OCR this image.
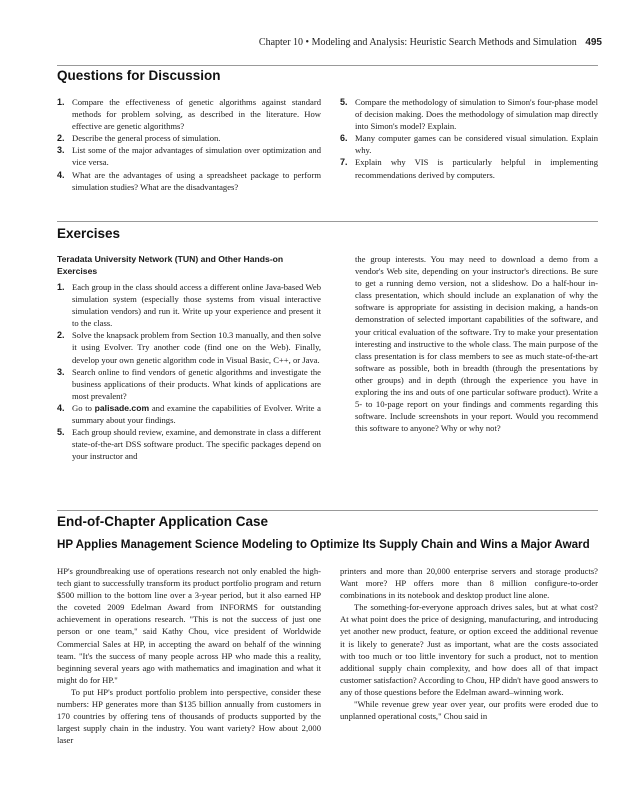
Chapter 10 • Modeling and Analysis: Heuristic Search Methods and Simulation 495
Questions for Discussion
1. Compare the effectiveness of genetic algorithms against standard methods for problem solving, as described in the literature. How effective are genetic algorithms?
2. Describe the general process of simulation.
3. List some of the major advantages of simulation over optimization and vice versa.
4. What are the advantages of using a spreadsheet package to perform simulation studies? What are the disadvantages?
5. Compare the methodology of simulation to Simon's four-phase model of decision making. Does the methodology of simulation map directly into Simon's model? Explain.
6. Many computer games can be considered visual simulation. Explain why.
7. Explain why VIS is particularly helpful in implementing recommendations derived by computers.
Exercises
Teradata University Network (TUN) and Other Hands-on Exercises
1. Each group in the class should access a different online Java-based Web simulation system (especially those systems from visual interactive simulation vendors) and run it. Write up your experience and present it to the class.
2. Solve the knapsack problem from Section 10.3 manually, and then solve it using Evolver. Try another code (find one on the Web). Finally, develop your own genetic algorithm code in Visual Basic, C++, or Java.
3. Search online to find vendors of genetic algorithms and investigate the business applications of their products. What kinds of applications are most prevalent?
4. Go to palisade.com and examine the capabilities of Evolver. Write a summary about your findings.
5. Each group should review, examine, and demonstrate in class a different state-of-the-art DSS software product. The specific packages depend on your instructor and

the group interests. You may need to download a demo from a vendor's Web site, depending on your instructor's directions. Be sure to get a running demo version, not a slideshow. Do a half-hour in-class presentation, which should include an explanation of why the software is appropriate for assisting in decision making, a hands-on demonstration of selected important capabilities of the software, and your critical evaluation of the software. Try to make your presentation interesting and instructive to the whole class. The main purpose of the class presentation is for class members to see as much state-of-the-art software as possible, both in breadth (through the presentations by other groups) and in depth (through the experience you have in exploring the ins and outs of one particular software product). Write a 5- to 10-page report on your findings and comments regarding this software. Include screenshots in your report. Would you recommend this software to anyone? Why or why not?

End-of-Chapter Application Case
HP Applies Management Science Modeling to Optimize Its Supply Chain and Wins a Major Award

HP's groundbreaking use of operations research not only enabled the high-tech giant to successfully transform its product portfolio program and return $500 million to the bottom line over a 3-year period, but it also earned HP the coveted 2009 Edelman Award from INFORMS for outstanding achievement in operations research. "This is not the success of just one person or one team," said Kathy Chou, vice president of Worldwide Commercial Sales at HP, in accepting the award on behalf of the winning team. "It's the success of many people across HP who made this a reality, beginning several years ago with mathematics and imagination and what it might do for HP."

To put HP's product portfolio problem into perspective, consider these numbers: HP generates more than $135 billion annually from customers in 170 countries by offering tens of thousands of products supported by the largest supply chain in the industry. You want variety? How about 2,000 laser

printers and more than 20,000 enterprise servers and storage products? Want more? HP offers more than 8 million configure-to-order combinations in its notebook and desktop product line alone.

The something-for-everyone approach drives sales, but at what cost? At what point does the price of designing, manufacturing, and introducing yet another new product, feature, or option exceed the additional revenue it is likely to generate? Just as important, what are the costs associated with too much or too little inventory for such a product, not to mention additional supply chain complexity, and how does all of that impact customer satisfaction? According to Chou, HP didn't have good answers to any of those questions before the Edelman award–winning work.

"While revenue grew year over year, our profits were eroded due to unplanned operational costs," Chou said in
